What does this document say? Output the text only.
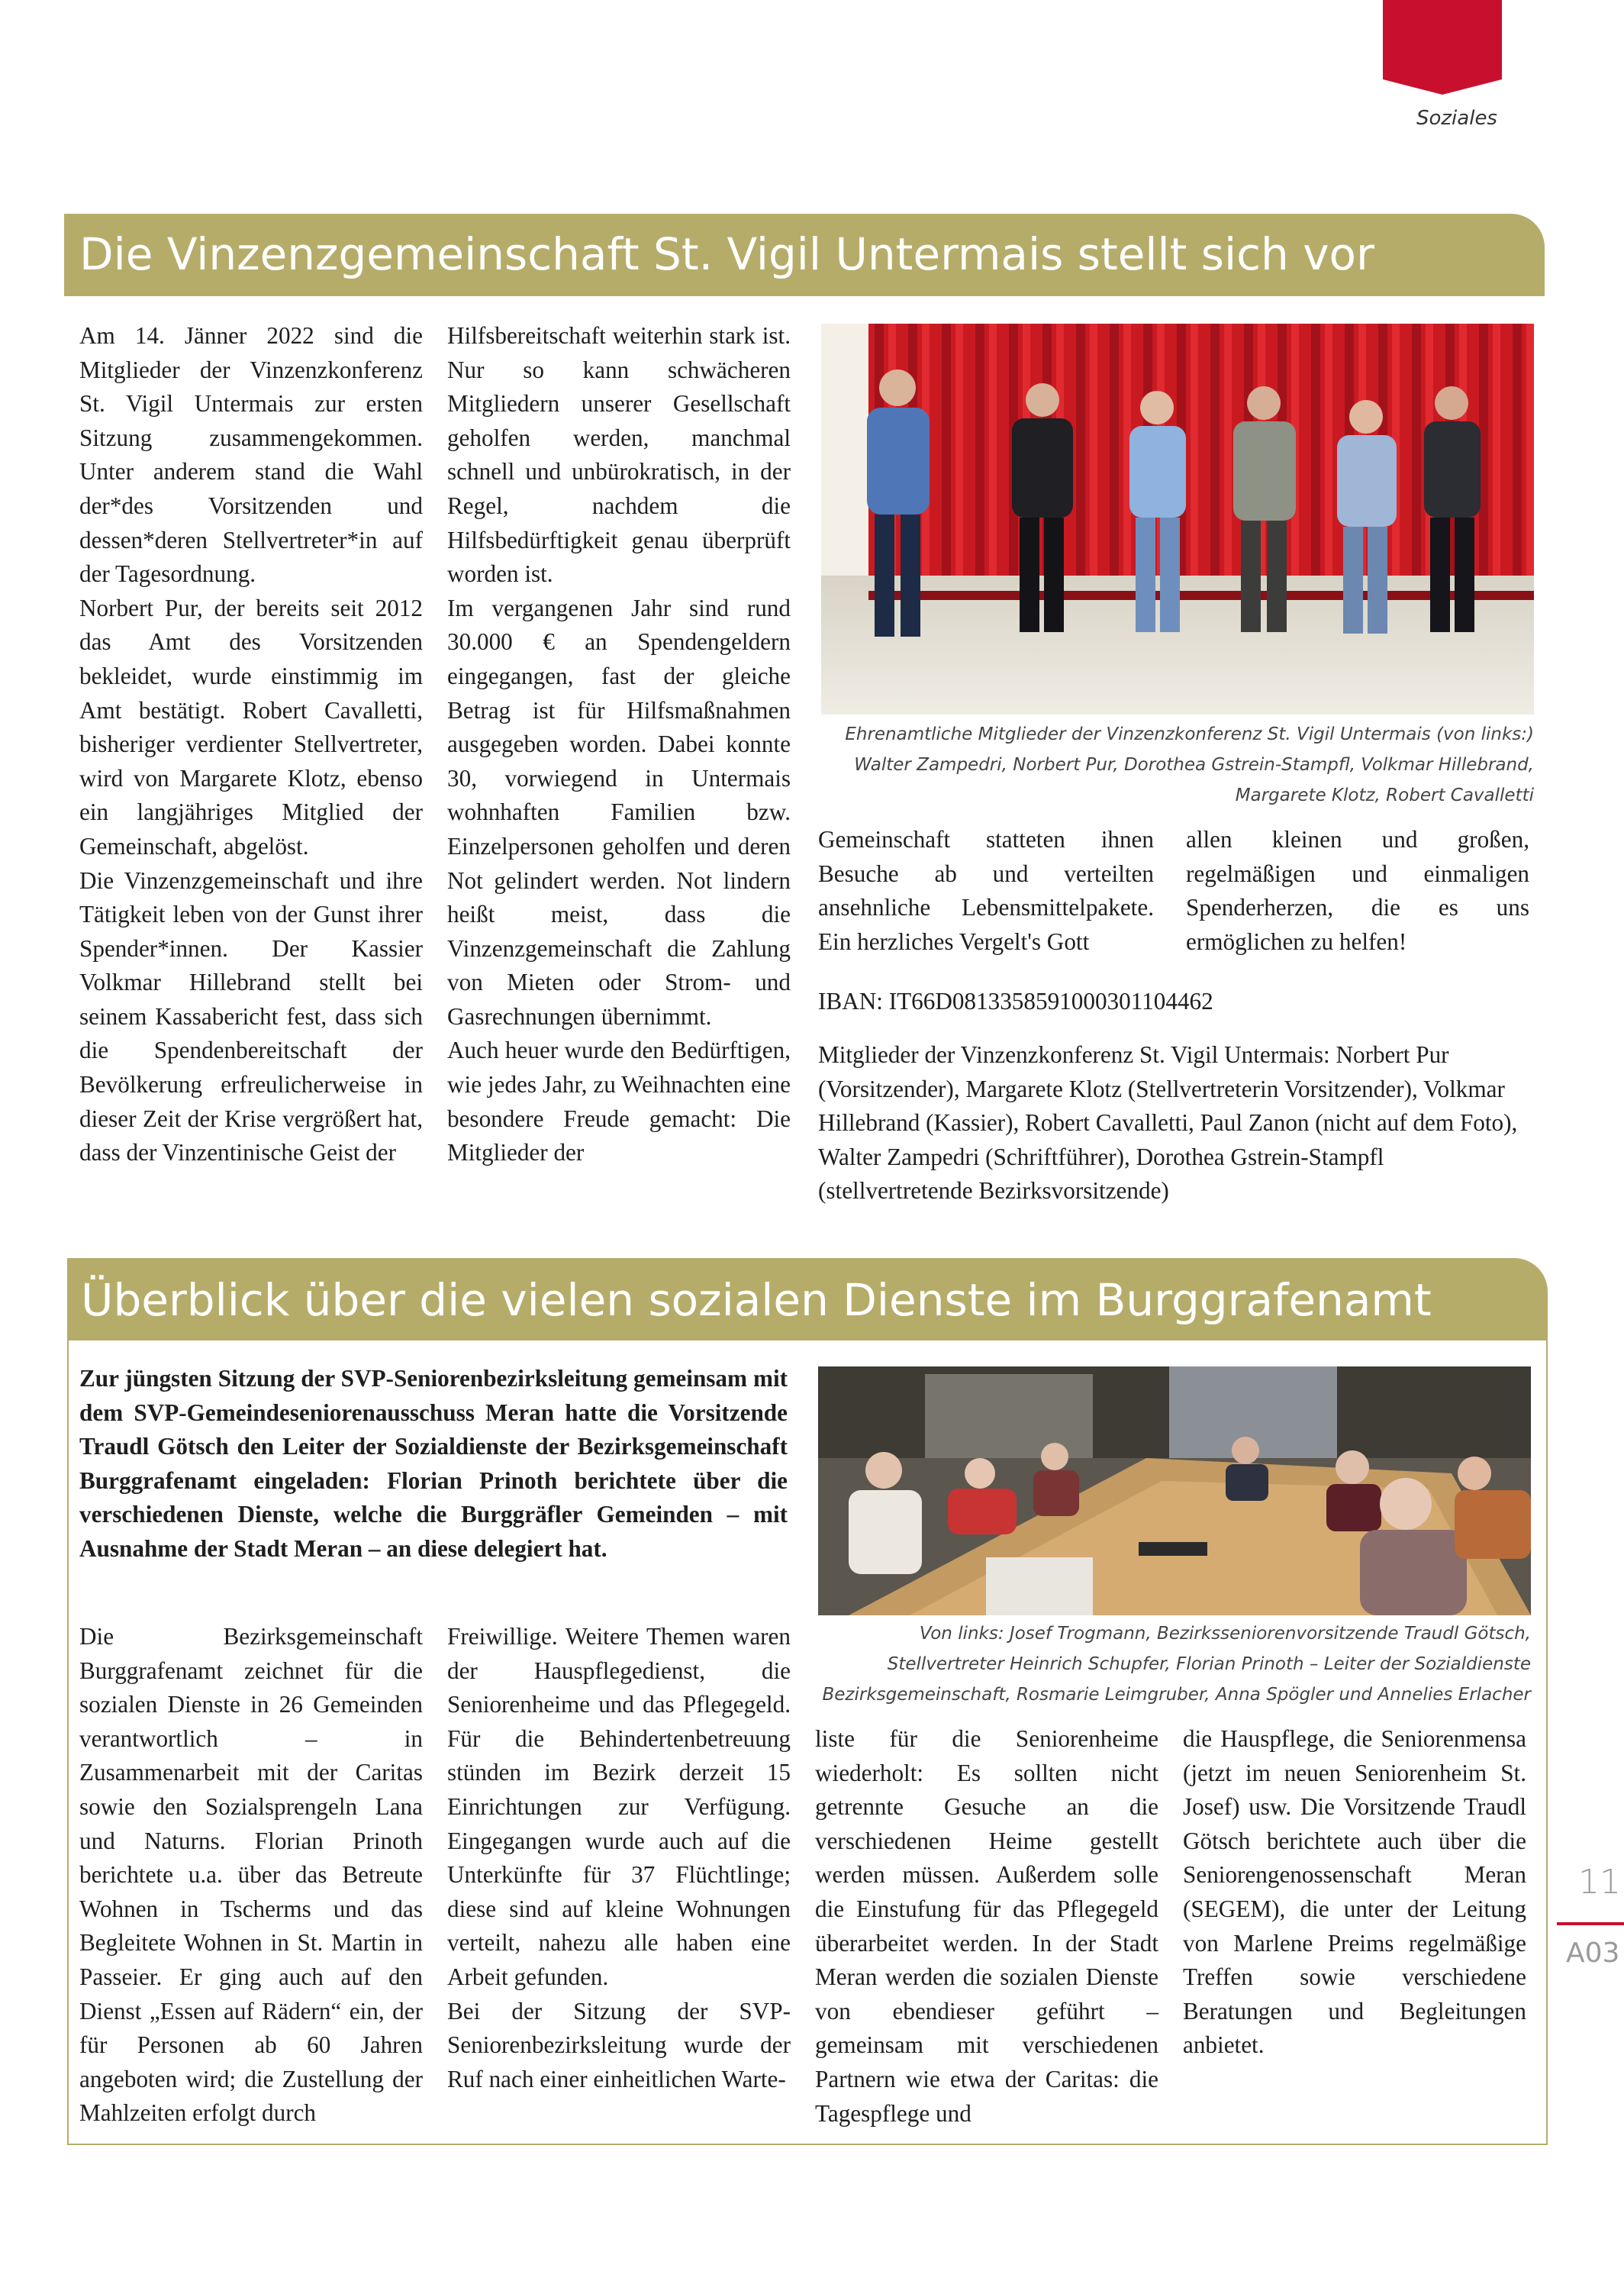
Soziales
Die Vinzenzgemeinschaft St. Vigil Untermais stellt sich vor
Am 14. Jänner 2022 sind die Mitglieder der Vinzenzkonferenz St. Vigil Untermais zur ersten Sitzung zusammengekommen. Unter anderem stand die Wahl der*des Vorsitzenden und dessen*deren Stellvertreter*in auf der Tagesordnung.
Norbert Pur, der bereits seit 2012 das Amt des Vorsitzenden bekleidet, wurde einstimmig im Amt bestätigt. Robert Cavalletti, bisheriger verdienter Stellvertreter, wird von Margarete Klotz, ebenso ein langjähriges Mitglied der Gemeinschaft, abgelöst.
Die Vinzenzgemeinschaft und ihre Tätigkeit leben von der Gunst ihrer Spender*innen. Der Kassier Volkmar Hillebrand stellt bei seinem Kassabericht fest, dass sich die Spendenbereitschaft der Bevölkerung erfreulicherweise in dieser Zeit der Krise vergrößert hat, dass der Vinzentinische Geist der
Hilfsbereitschaft weiterhin stark ist. Nur so kann schwächeren Mitgliedern unserer Gesellschaft geholfen werden, manchmal schnell und unbürokratisch, in der Regel, nachdem die Hilfsbedürftigkeit genau überprüft worden ist.
Im vergangenen Jahr sind rund 30.000 € an Spendengeldern eingegangen, fast der gleiche Betrag ist für Hilfsmaßnahmen ausgegeben worden. Dabei konnte 30, vorwiegend in Untermais wohnhaften Familien bzw. Einzelpersonen geholfen und deren Not gelindert werden. Not lindern heißt meist, dass die Vinzenzgemeinschaft die Zahlung von Mieten oder Strom- und Gasrechnungen übernimmt.
Auch heuer wurde den Bedürftigen, wie jedes Jahr, zu Weihnachten eine besondere Freude gemacht: Die Mitglieder der
Ehrenamtliche Mitglieder der Vinzenzkonferenz St. Vigil Untermais (von links:) Walter Zampedri, Norbert Pur, Dorothea Gstrein-Stampfl, Volkmar Hillebrand, Margarete Klotz, Robert Cavalletti
Gemeinschaft statteten ihnen Besuche ab und verteilten ansehnliche Lebensmittelpakete. Ein herzliches Vergelt's Gott
allen kleinen und großen, regelmäßigen und einmaligen Spenderherzen, die es uns ermöglichen zu helfen!
IBAN: IT66D0813358591000301104462
Mitglieder der Vinzenzkonferenz St. Vigil Untermais: Norbert Pur (Vorsitzender), Margarete Klotz (Stellvertreterin Vorsitzender), Volkmar Hillebrand (Kassier), Robert Cavalletti, Paul Zanon (nicht auf dem Foto), Walter Zampedri (Schriftführer), Dorothea Gstrein-Stampfl (stellvertretende Bezirksvorsitzende)
Überblick über die vielen sozialen Dienste im Burggrafenamt
Zur jüngsten Sitzung der SVP-Seniorenbezirksleitung gemeinsam mit dem SVP-Gemeindeseniorenausschuss Meran hatte die Vorsitzende Traudl Götsch den Leiter der Sozialdienste der Bezirksgemeinschaft Burggrafenamt eingeladen: Florian Prinoth berichtete über die verschiedenen Dienste, welche die Burggräfler Gemeinden – mit Ausnahme der Stadt Meran – an diese delegiert hat.
Von links: Josef Trogmann, Bezirksseniorenvorsitzende Traudl Götsch, Stellvertreter Heinrich Schupfer, Florian Prinoth – Leiter der Sozialdienste Bezirksgemeinschaft, Rosmarie Leimgruber, Anna Spögler und Annelies Erlacher
Die Bezirksgemeinschaft Burggrafenamt zeichnet für die sozialen Dienste in 26 Gemeinden verantwortlich – in Zusammenarbeit mit der Caritas sowie den Sozialsprengeln Lana und Naturns. Florian Prinoth berichtete u.a. über das Betreute Wohnen in Tscherms und das Begleitete Wohnen in St. Martin in Passeier. Er ging auch auf den Dienst „Essen auf Rädern“ ein, der für Personen ab 60 Jahren angeboten wird; die Zustellung der Mahlzeiten erfolgt durch
Freiwillige. Weitere Themen waren der Hauspflegedienst, die Seniorenheime und das Pflegegeld. Für die Behindertenbetreuung stünden im Bezirk derzeit 15 Einrichtungen zur Verfügung. Eingegangen wurde auch auf die Unterkünfte für 37 Flüchtlinge; diese sind auf kleine Wohnungen verteilt, nahezu alle haben eine Arbeit gefunden.
Bei der Sitzung der SVP-Seniorenbezirksleitung wurde der Ruf nach einer einheitlichen Warte-
liste für die Seniorenheime wiederholt: Es sollten nicht getrennte Gesuche an die verschiedenen Heime gestellt werden müssen. Außerdem solle die Einstufung für das Pflegegeld überarbeitet werden. In der Stadt Meran werden die sozialen Dienste von ebendieser geführt – gemeinsam mit verschiedenen Partnern wie etwa der Caritas: die Tagespflege und
die Hauspflege, die Seniorenmensa (jetzt im neuen Seniorenheim St. Josef) usw. Die Vorsitzende Traudl Götsch berichtete auch über die Seniorengenossenschaft Meran (SEGEM), die unter der Leitung von Marlene Preims regelmäßige Treffen sowie verschiedene Beratungen und Begleitungen anbietet.
11
A03
